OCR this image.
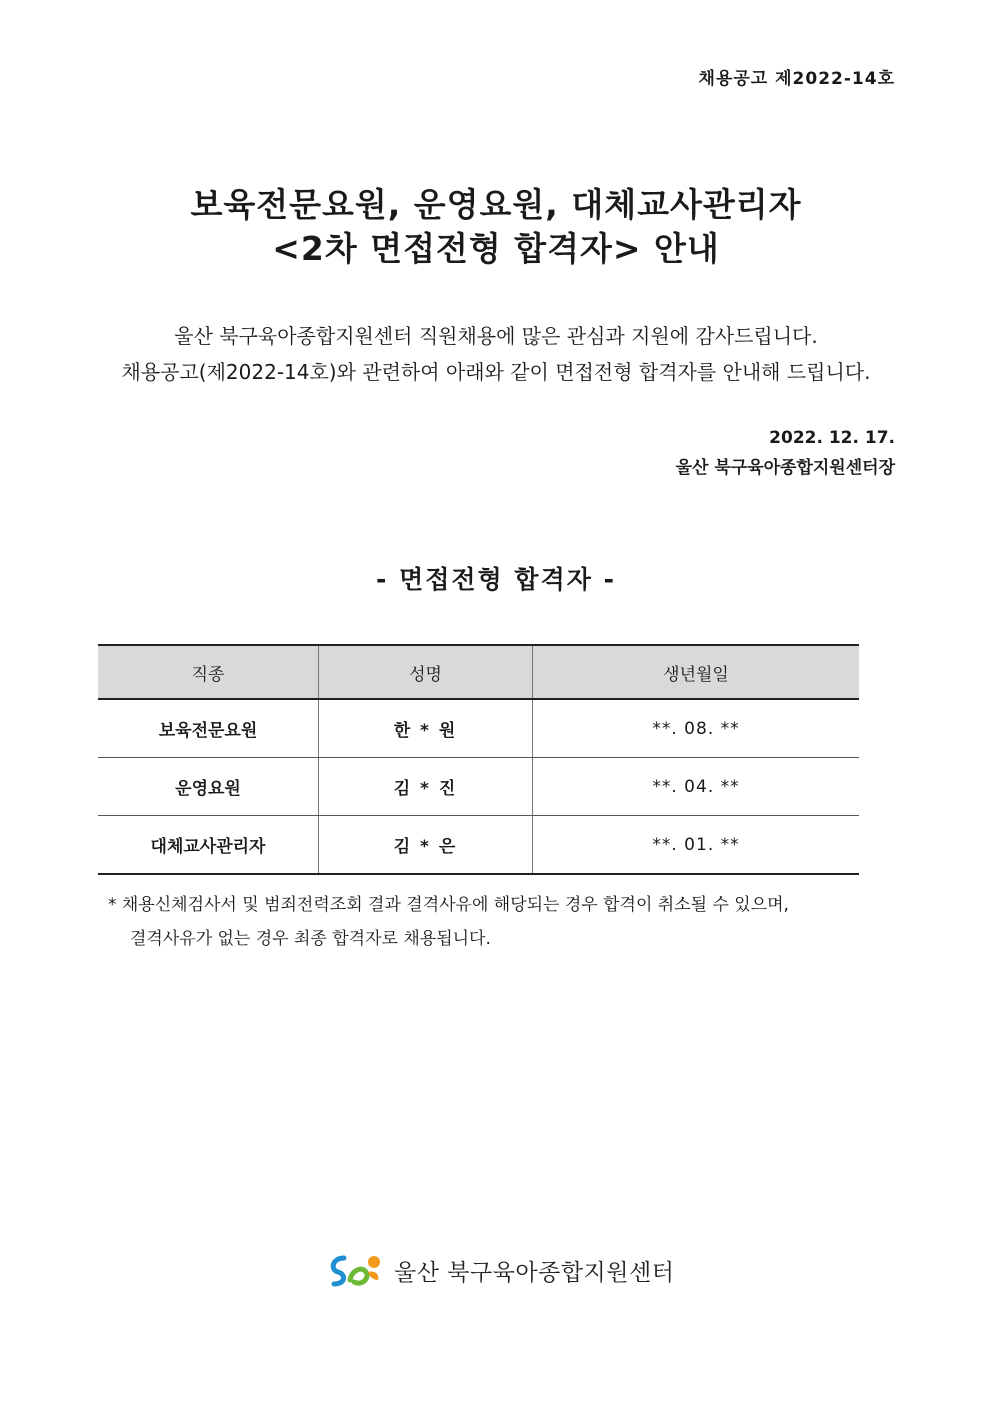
채용공고 제2022-14호
보육전문요원, 운영요원, 대체교사관리자
<2차 면접전형 합격자> 안내
울산 북구육아종합지원센터 직원채용에 많은 관심과 지원에 감사드립니다.
채용공고(제2022-14호)와 관련하여 아래와 같이 면접전형 합격자를 안내해 드립니다.
2022. 12. 17.
울산 북구육아종합지원센터장
- 면접전형 합격자 -
직종	성명	생년월일
보육전문요원	한 * 원	**. 08. **
운영요원	김 * 진	**. 04. **
대체교사관리자	김 * 은	**. 01. **
* 채용신체검사서 및 범죄전력조회 결과 결격사유에 해당되는 경우 합격이 취소될 수 있으며,
결격사유가 없는 경우 최종 합격자로 채용됩니다.
울산 북구육아종합지원센터
